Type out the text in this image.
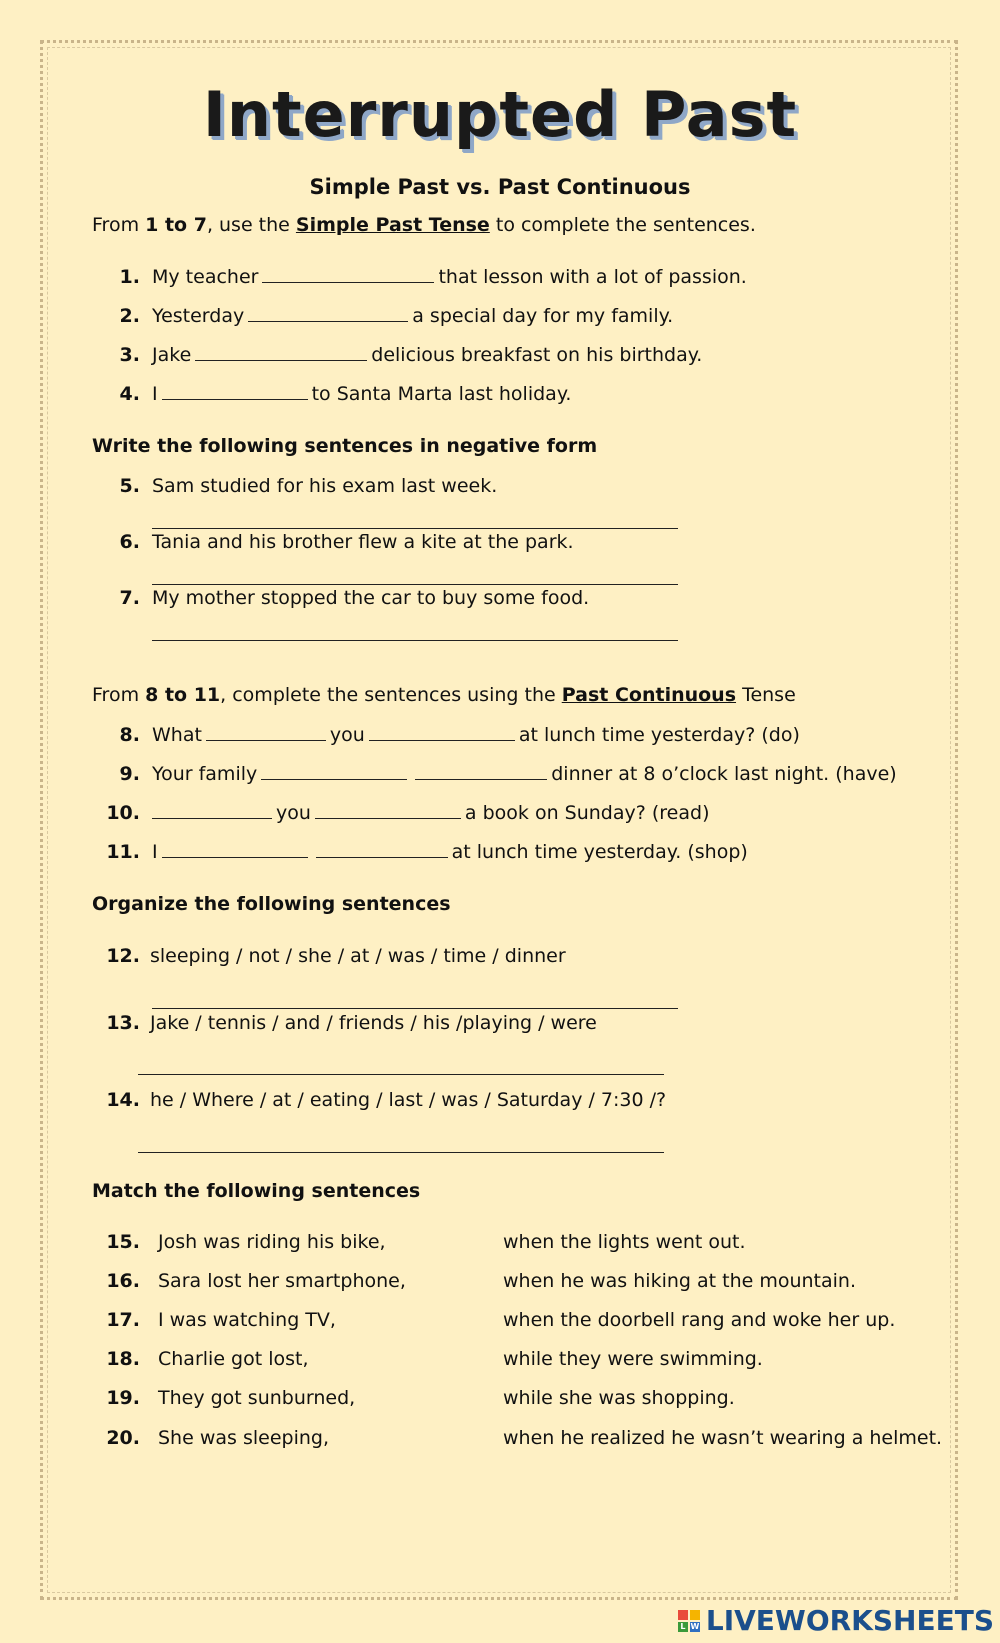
Interrupted Past
Simple Past vs. Past Continuous
From 1 to 7, use the Simple Past Tense to complete the sentences.
1. My teacher	that lesson with a lot of passion.
2. Yesterday	a special day for my family.
3. Jake	delicious breakfast on his birthday.
4. I	to Santa Marta last holiday.
Write the following sentences in negative form
5. Sam studied for his exam last week.
6. Tania and his brother flew a kite at the park.
7. My mother stopped the car to buy some food.
From 8 to 11, complete the sentences using the Past Continuous Tense
8. What	you	at lunch time yesterday? (do)
9. Your family	dinner at 8 o’clock last night. (have)
10.	you	a book on Sunday? (read)
11. I	at lunch time yesterday. (shop)
Organize the following sentences
12. sleeping / not / she / at / was / time / dinner
13. Jake / tennis / and / friends / his /playing / were
14. he / Where / at / eating / last / was / Saturday / 7:30 /?
Match the following sentences
15. Josh was riding his bike,	when the lights went out.
16. Sara lost her smartphone,	when he was hiking at the mountain.
17. I was watching TV,	when the doorbell rang and woke her up.
18. Charlie got lost,	while they were swimming.
19. They got sunburned,	while she was shopping.
20. She was sleeping,	when he realized he wasn’t wearing a helmet.
L W LIVEWORKSHEETS
